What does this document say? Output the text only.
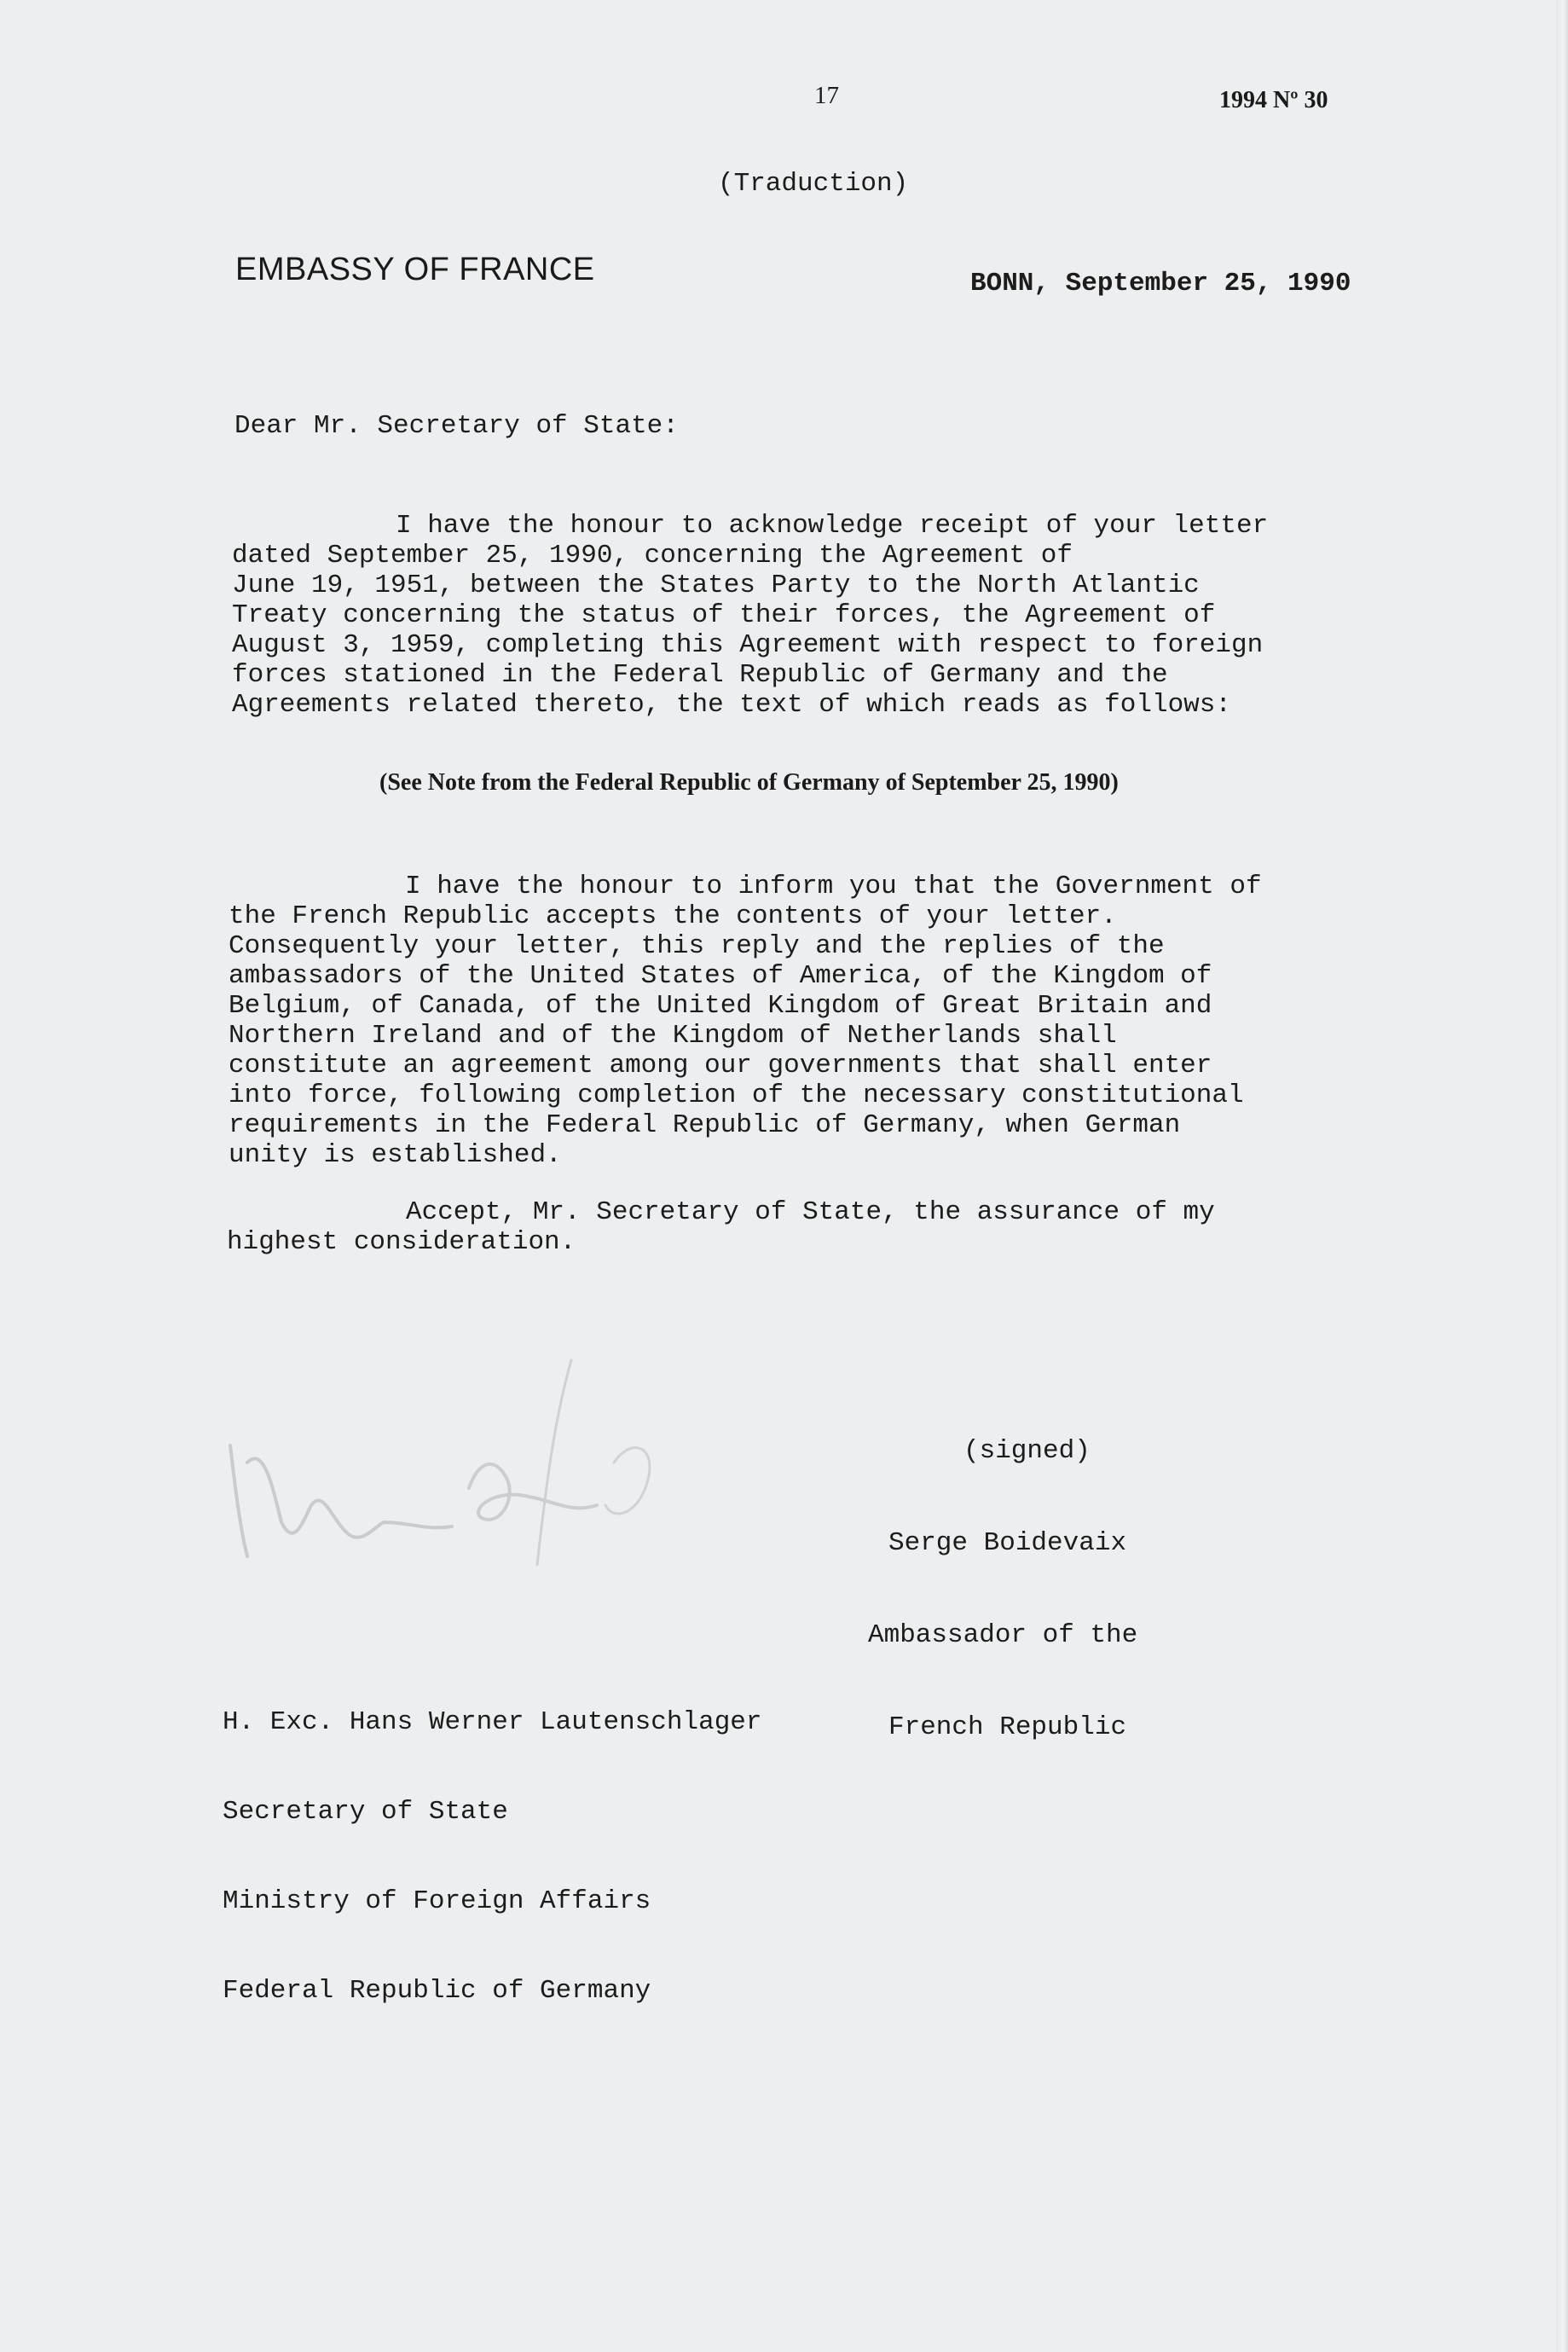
17	1994 Nº 30
(Traduction)
EMBASSY OF FRANCE	BONN, September 25, 1990
Dear Mr. Secretary of State:
I have the honour to acknowledge receipt of your letter
dated September 25, 1990, concerning the Agreement of
June 19, 1951, between the States Party to the North Atlantic
Treaty concerning the status of their forces, the Agreement of
August 3, 1959, completing this Agreement with respect to foreign
forces stationed in the Federal Republic of Germany and the
Agreements related thereto, the text of which reads as follows:
(See Note from the Federal Republic of Germany of September 25, 1990)
I have the honour to inform you that the Government of
the French Republic accepts the contents of your letter.
Consequently your letter, this reply and the replies of the
ambassadors of the United States of America, of the Kingdom of
Belgium, of Canada, of the United Kingdom of Great Britain and
Northern Ireland and of the Kingdom of Netherlands shall
constitute an agreement among our governments that shall enter
into force, following completion of the necessary constitutional
requirements in the Federal Republic of Germany, when German
unity is established.
Accept, Mr. Secretary of State, the assurance of my
highest consideration.

(signed)

Serge Boidevaix

Ambassador of the

French Republic

H. Exc. Hans Werner Lautenschlager

Secretary of State

Ministry of Foreign Affairs

Federal Republic of Germany
